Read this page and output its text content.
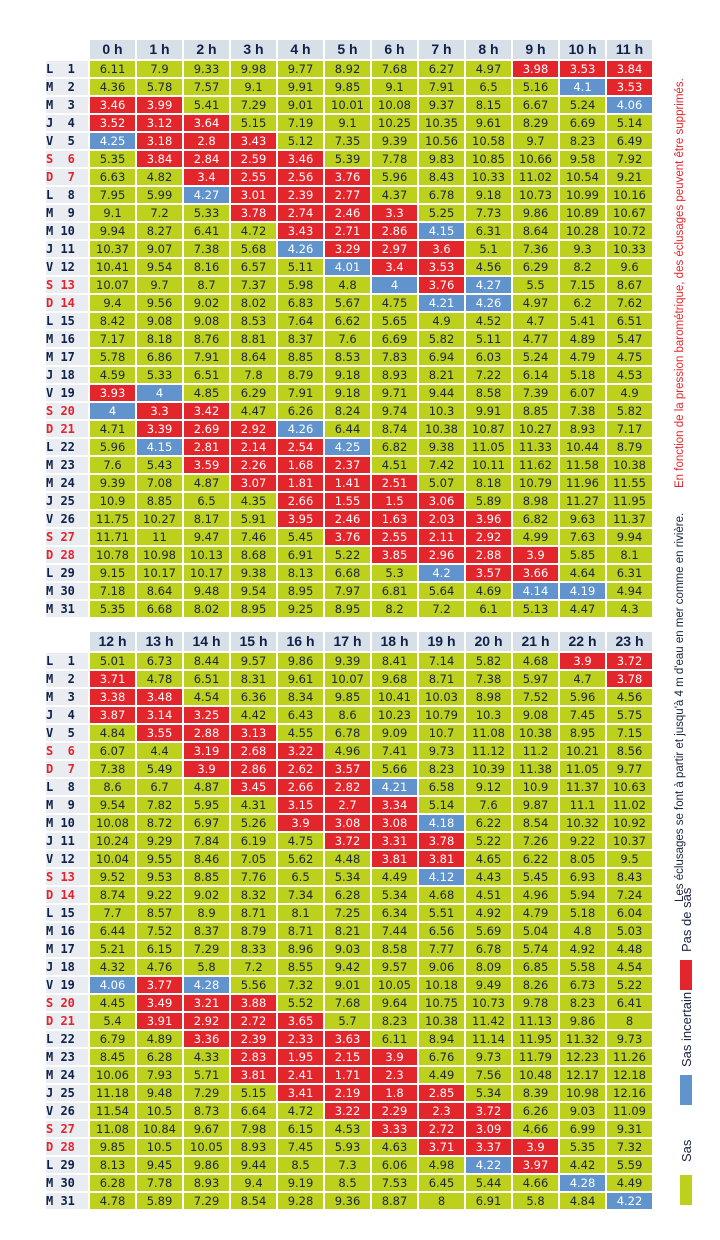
	0 h	1 h	2 h	3 h	4 h	5 h	6 h	7 h	8 h	9 h	10 h	11 h
L  1	6.11	7.9	9.33	9.98	9.77	8.92	7.68	6.27	4.97	3.98	3.53	3.84
M  2	4.36	5.78	7.57	9.1	9.91	9.85	9.1	7.91	6.5	5.16	4.1	3.53
M  3	3.46	3.99	5.41	7.29	9.01	10.01	10.08	9.37	8.15	6.67	5.24	4.06
J  4	3.52	3.12	3.64	5.15	7.19	9.1	10.25	10.35	9.61	8.29	6.69	5.14
V  5	4.25	3.18	2.8	3.43	5.12	7.35	9.39	10.56	10.58	9.7	8.23	6.49
S  6	5.35	3.84	2.84	2.59	3.46	5.39	7.78	9.83	10.85	10.66	9.58	7.92
D  7	6.63	4.82	3.4	2.55	2.56	3.76	5.96	8.43	10.33	11.02	10.54	9.21
L  8	7.95	5.99	4.27	3.01	2.39	2.77	4.37	6.78	9.18	10.73	10.99	10.16
M  9	9.1	7.2	5.33	3.78	2.74	2.46	3.3	5.25	7.73	9.86	10.89	10.67
M 10	9.94	8.27	6.41	4.72	3.43	2.71	2.86	4.15	6.31	8.64	10.28	10.72
J 11	10.37	9.07	7.38	5.68	4.26	3.29	2.97	3.6	5.1	7.36	9.3	10.33
V 12	10.41	9.54	8.16	6.57	5.11	4.01	3.4	3.53	4.56	6.29	8.2	9.6
S 13	10.07	9.7	8.7	7.37	5.98	4.8	4	3.76	4.27	5.5	7.15	8.67
D 14	9.4	9.56	9.02	8.02	6.83	5.67	4.75	4.21	4.26	4.97	6.2	7.62
L 15	8.42	9.08	9.08	8.53	7.64	6.62	5.65	4.9	4.52	4.7	5.41	6.51
M 16	7.17	8.18	8.76	8.81	8.37	7.6	6.69	5.82	5.11	4.77	4.89	5.47
M 17	5.78	6.86	7.91	8.64	8.85	8.53	7.83	6.94	6.03	5.24	4.79	4.75
J 18	4.59	5.33	6.51	7.8	8.79	9.18	8.93	8.21	7.22	6.14	5.18	4.53
V 19	3.93	4	4.85	6.29	7.91	9.18	9.71	9.44	8.58	7.39	6.07	4.9
S 20	4	3.3	3.42	4.47	6.26	8.24	9.74	10.3	9.91	8.85	7.38	5.82
D 21	4.71	3.39	2.69	2.92	4.26	6.44	8.74	10.38	10.87	10.27	8.93	7.17
L 22	5.96	4.15	2.81	2.14	2.54	4.25	6.82	9.38	11.05	11.33	10.44	8.79
M 23	7.6	5.43	3.59	2.26	1.68	2.37	4.51	7.42	10.11	11.62	11.58	10.38
M 24	9.39	7.08	4.87	3.07	1.81	1.41	2.51	5.07	8.18	10.79	11.96	11.55
J 25	10.9	8.85	6.5	4.35	2.66	1.55	1.5	3.06	5.89	8.98	11.27	11.95
V 26	11.75	10.27	8.17	5.91	3.95	2.46	1.63	2.03	3.96	6.82	9.63	11.37
S 27	11.71	11	9.47	7.46	5.45	3.76	2.55	2.11	2.92	4.99	7.63	9.94
D 28	10.78	10.98	10.13	8.68	6.91	5.22	3.85	2.96	2.88	3.9	5.85	8.1
L 29	9.15	10.17	10.17	9.38	8.13	6.68	5.3	4.2	3.57	3.66	4.64	6.31
M 30	7.18	8.64	9.48	9.54	8.95	7.97	6.81	5.64	4.69	4.14	4.19	4.94
M 31	5.35	6.68	8.02	8.95	9.25	8.95	8.2	7.2	6.1	5.13	4.47	4.3
	12 h	13 h	14 h	15 h	16 h	17 h	18 h	19 h	20 h	21 h	22 h	23 h
L  1	5.01	6.73	8.44	9.57	9.86	9.39	8.41	7.14	5.82	4.68	3.9	3.72
M  2	3.71	4.78	6.51	8.31	9.61	10.07	9.68	8.71	7.38	5.97	4.7	3.78
M  3	3.38	3.48	4.54	6.36	8.34	9.85	10.41	10.03	8.98	7.52	5.96	4.56
J  4	3.87	3.14	3.25	4.42	6.43	8.6	10.23	10.79	10.3	9.08	7.45	5.75
V  5	4.84	3.55	2.88	3.13	4.55	6.78	9.09	10.7	11.08	10.38	8.95	7.15
S  6	6.07	4.4	3.19	2.68	3.22	4.96	7.41	9.73	11.12	11.2	10.21	8.56
D  7	7.38	5.49	3.9	2.86	2.62	3.57	5.66	8.23	10.39	11.38	11.05	9.77
L  8	8.6	6.7	4.87	3.45	2.66	2.82	4.21	6.58	9.12	10.9	11.37	10.63
M  9	9.54	7.82	5.95	4.31	3.15	2.7	3.34	5.14	7.6	9.87	11.1	11.02
M 10	10.08	8.72	6.97	5.26	3.9	3.08	3.08	4.18	6.22	8.54	10.32	10.92
J 11	10.24	9.29	7.84	6.19	4.75	3.72	3.31	3.78	5.22	7.26	9.22	10.37
V 12	10.04	9.55	8.46	7.05	5.62	4.48	3.81	3.81	4.65	6.22	8.05	9.5
S 13	9.52	9.53	8.85	7.76	6.5	5.34	4.49	4.12	4.43	5.45	6.93	8.43
D 14	8.74	9.22	9.02	8.32	7.34	6.28	5.34	4.68	4.51	4.96	5.94	7.24
L 15	7.7	8.57	8.9	8.71	8.1	7.25	6.34	5.51	4.92	4.79	5.18	6.04
M 16	6.44	7.52	8.37	8.79	8.71	8.21	7.44	6.56	5.69	5.04	4.8	5.03
M 17	5.21	6.15	7.29	8.33	8.96	9.03	8.58	7.77	6.78	5.74	4.92	4.48
J 18	4.32	4.76	5.8	7.2	8.55	9.42	9.57	9.06	8.09	6.85	5.58	4.54
V 19	4.06	3.77	4.28	5.56	7.32	9.01	10.05	10.18	9.49	8.26	6.73	5.22
S 20	4.45	3.49	3.21	3.88	5.52	7.68	9.64	10.75	10.73	9.78	8.23	6.41
D 21	5.4	3.91	2.92	2.72	3.65	5.7	8.23	10.38	11.42	11.13	9.86	8
L 22	6.79	4.89	3.36	2.39	2.33	3.63	6.11	8.94	11.14	11.95	11.32	9.73
M 23	8.45	6.28	4.33	2.83	1.95	2.15	3.9	6.76	9.73	11.79	12.23	11.26
M 24	10.06	7.93	5.71	3.81	2.41	1.71	2.3	4.49	7.56	10.48	12.17	12.18
J 25	11.18	9.48	7.29	5.15	3.41	2.19	1.8	2.85	5.34	8.39	10.98	12.16
V 26	11.54	10.5	8.73	6.64	4.72	3.22	2.29	2.3	3.72	6.26	9.03	11.09
S 27	11.08	10.84	9.67	7.98	6.15	4.53	3.33	2.72	3.09	4.66	6.99	9.31
D 28	9.85	10.5	10.05	8.93	7.45	5.93	4.63	3.71	3.37	3.9	5.35	7.32
L 29	8.13	9.45	9.86	9.44	8.5	7.3	6.06	4.98	4.22	3.97	4.42	5.59
M 30	6.28	7.78	8.93	9.4	9.19	8.5	7.53	6.45	5.44	4.66	4.28	4.49
M 31	4.78	5.89	7.29	8.54	9.28	9.36	8.87	8	6.91	5.8	4.84	4.22
Sas
Sas incertain
Pas de sas
Les éclusages se font à partir et jusqu'à 4 m d'eau en mer comme en rivière.
En fonction de la pression barométrique, des éclusages peuvent être supprimés.
